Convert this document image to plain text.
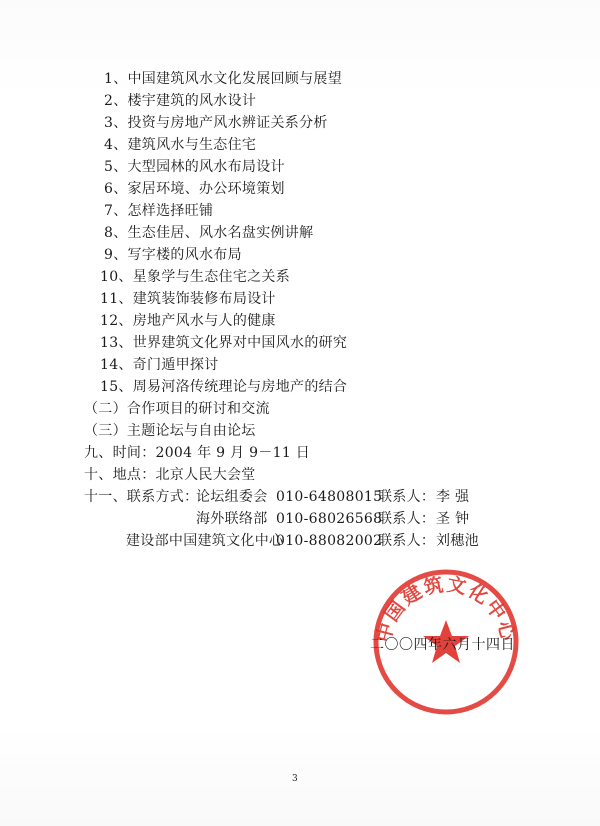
1、中国建筑风水文化发展回顾与展望
2、楼宇建筑的风水设计
3、投资与房地产风水辨证关系分析
4、建筑风水与生态住宅
5、大型园林的风水布局设计
6、家居环境、办公环境策划
7、怎样选择旺铺
8、生态佳居、风水名盘实例讲解
9、写字楼的风水布局
10、星象学与生态住宅之关系
11、建筑装饰装修布局设计
12、房地产风水与人的健康
13、世界建筑文化界对中国风水的研究
14、奇门遁甲探讨
15、周易河洛传统理论与房地产的结合
（二）合作项目的研讨和交流
（三）主题论坛与自由论坛
九、时间：2004 年 9 月 9－11 日
十、地点：北京人民大会堂
十一、联系方式：
论坛组委会 010-64808015
联系人： 李 强
海外联络部 010-68026568
联系人： 圣 钟
建设部中国建筑文化中心
010-88082002
联系人： 刘穗池
中国建筑文化中心
二〇〇四年六月十四日
3
